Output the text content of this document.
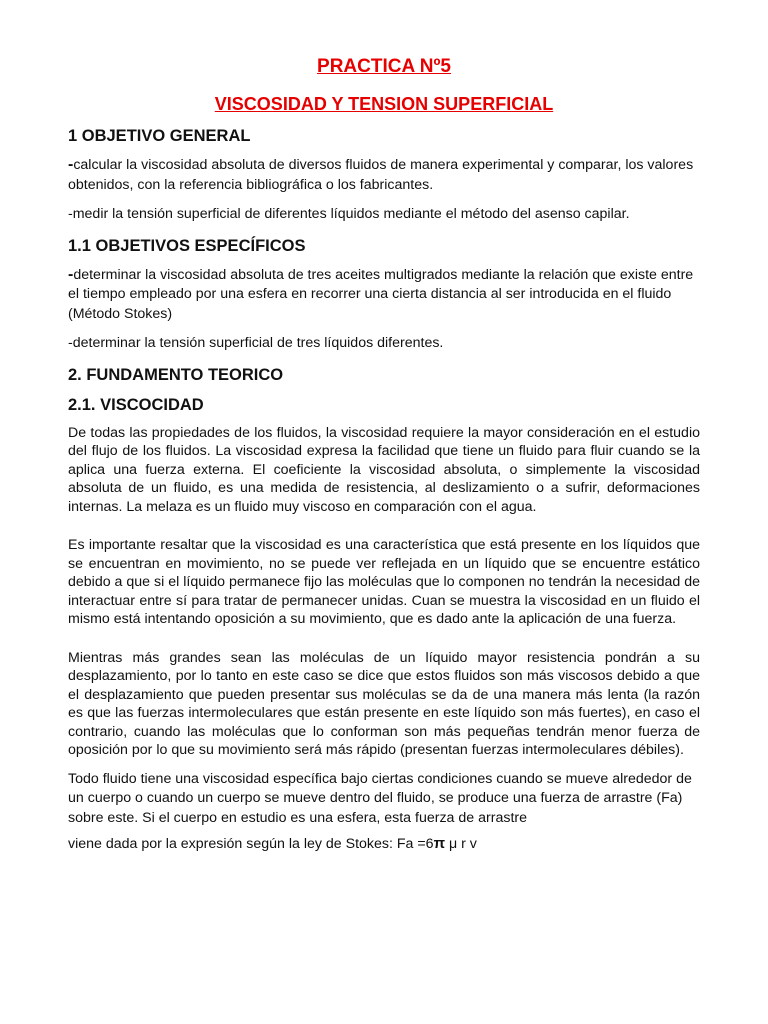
PRACTICA Nº5
VISCOSIDAD Y TENSION SUPERFICIAL
1 OBJETIVO GENERAL

-calcular la viscosidad absoluta de diversos fluidos de manera experimental y comparar, los valores obtenidos, con la referencia bibliográfica o los fabricantes.

-medir la tensión superficial de diferentes líquidos mediante el método del asenso capilar.

1.1 OBJETIVOS ESPECÍFICOS

-determinar la viscosidad absoluta de tres aceites multigrados mediante la relación que existe entre el tiempo empleado por una esfera en recorrer una cierta distancia al ser introducida en el fluido (Método Stokes)

-determinar la tensión superficial de tres líquidos diferentes.

2. FUNDAMENTO TEORICO
2.1. VISCOCIDAD

De todas las propiedades de los fluidos, la viscosidad requiere la mayor consideración en el estudio del flujo de los fluidos. La viscosidad expresa la facilidad que tiene un fluido para fluir cuando se la aplica una fuerza externa. El coeficiente la viscosidad absoluta, o simplemente la viscosidad absoluta de un fluido, es una medida de resistencia, al deslizamiento o a sufrir, deformaciones internas. La melaza es un fluido muy viscoso en comparación con el agua.

Es importante resaltar que la viscosidad es una característica que está presente en los líquidos que se encuentran en movimiento, no se puede ver reflejada en un líquido que se encuentre estático debido a que si el líquido permanece fijo las moléculas que lo componen no tendrán la necesidad de interactuar entre sí para tratar de permanecer unidas. Cuan se muestra la viscosidad en un fluido el mismo está intentando oposición a su movimiento, que es dado ante la aplicación de una fuerza.

Mientras más grandes sean las moléculas de un líquido mayor resistencia pondrán a su desplazamiento, por lo tanto en este caso se dice que estos fluidos son más viscosos debido a que el desplazamiento que pueden presentar sus moléculas se da de una manera más lenta (la razón es que las fuerzas intermoleculares que están presente en este líquido son más fuertes), en caso el contrario, cuando las moléculas que lo conforman son más pequeñas tendrán menor fuerza de oposición por lo que su movimiento será más rápido (presentan fuerzas intermoleculares débiles).

Todo fluido tiene una viscosidad específica bajo ciertas condiciones cuando se mueve alrededor de un cuerpo o cuando un cuerpo se mueve dentro del fluido, se produce una fuerza de arrastre (Fa) sobre este. Si el cuerpo en estudio es una esfera, esta fuerza de arrastre

viene dada por la expresión según la ley de Stokes: Fa =6π μ r v
